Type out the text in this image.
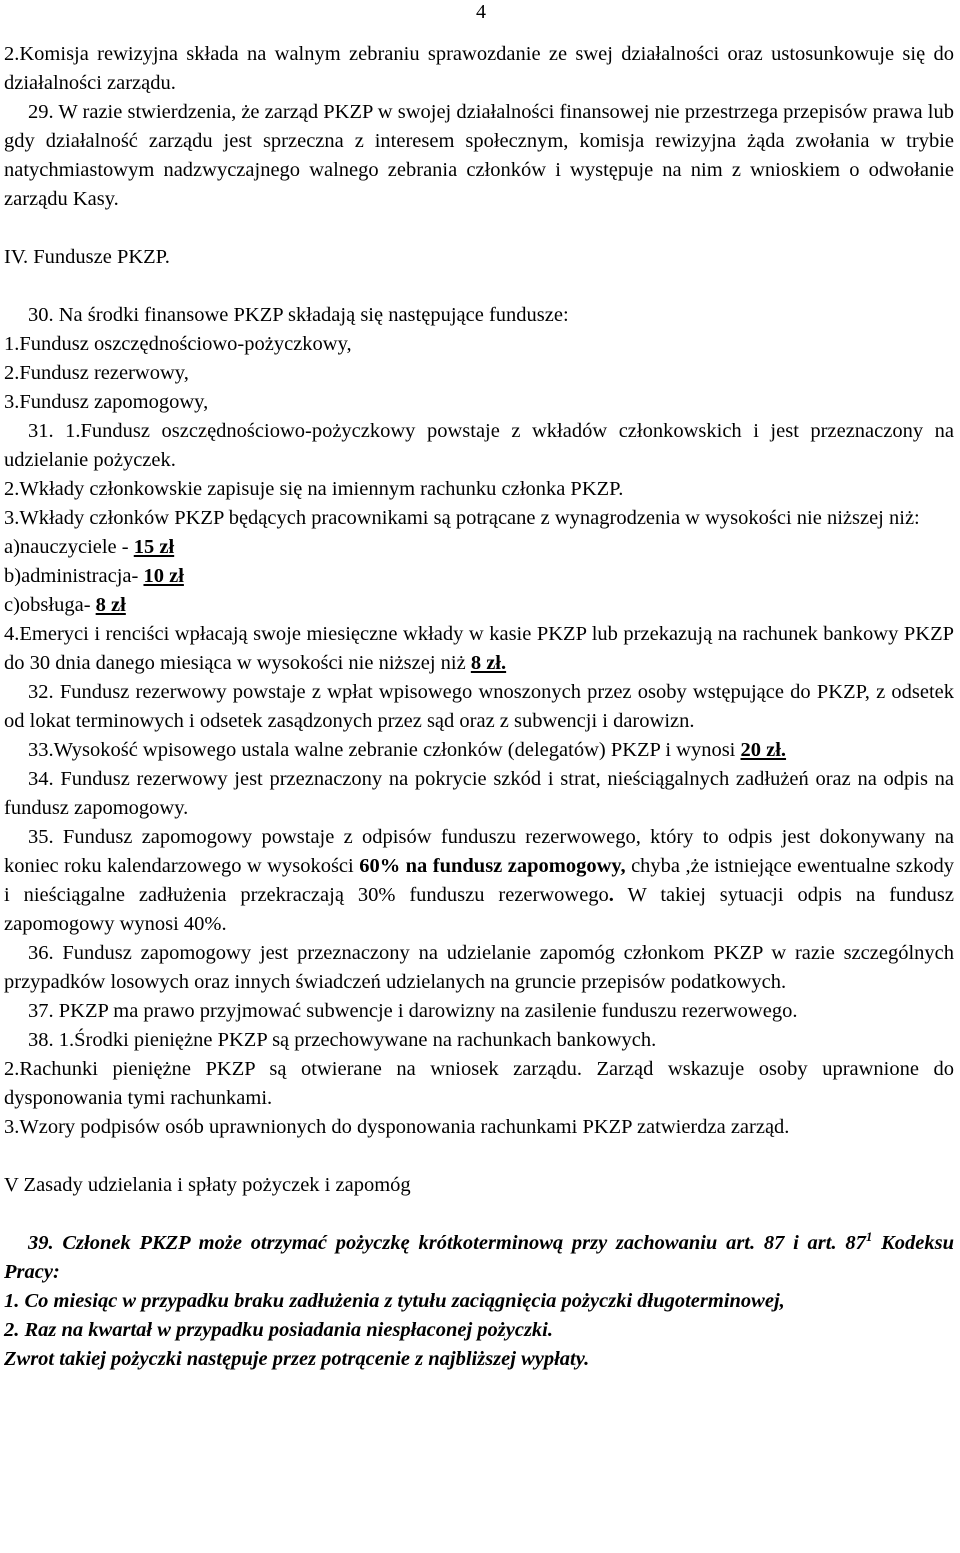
4

2.Komisja rewizyjna składa na walnym zebraniu sprawozdanie ze swej działalności oraz ustosunkowuje się do działalności zarządu.

29. W razie stwierdzenia, że zarząd PKZP w swojej działalności finansowej nie przestrzega przepisów prawa lub gdy działalność zarządu jest sprzeczna z interesem społecznym, komisja rewizyjna żąda zwołania w trybie natychmiastowym nadzwyczajnego walnego zebrania członków i występuje na nim z wnioskiem o odwołanie zarządu Kasy.

IV. Fundusze PKZP.

30. Na środki finansowe PKZP składają się następujące fundusze:

1.Fundusz oszczędnościowo-pożyczkowy,

2.Fundusz rezerwowy,

3.Fundusz zapomogowy,

31. 1.Fundusz oszczędnościowo-pożyczkowy powstaje z wkładów członkowskich i jest przeznaczony na udzielanie pożyczek.

2.Wkłady członkowskie zapisuje się na imiennym rachunku członka PKZP.

3.Wkłady członków PKZP będących pracownikami są potrącane z wynagrodzenia w wysokości nie niższej niż:

a)nauczyciele - 15 zł

b)administracja- 10 zł

c)obsługa- 8 zł

4.Emeryci i renciści wpłacają swoje miesięczne wkłady w kasie PKZP lub przekazują na rachunek bankowy PKZP do 30 dnia danego miesiąca w wysokości nie niższej niż 8 zł.

32. Fundusz rezerwowy powstaje z wpłat wpisowego wnoszonych przez osoby wstępujące do PKZP, z odsetek od lokat terminowych i odsetek zasądzonych przez sąd oraz z subwencji i darowizn.

33.Wysokość wpisowego ustala walne zebranie członków (delegatów) PKZP i wynosi 20 zł.

34. Fundusz rezerwowy jest przeznaczony na pokrycie szkód i strat, nieściągalnych zadłużeń oraz na odpis na fundusz zapomogowy.

35. Fundusz zapomogowy powstaje z odpisów funduszu rezerwowego, który to odpis jest dokonywany na koniec roku kalendarzowego w wysokości 60% na fundusz zapomogowy, chyba ,że istniejące ewentualne szkody i nieściągalne zadłużenia przekraczają 30% funduszu rezerwowego. W takiej sytuacji odpis na fundusz zapomogowy wynosi 40%.

36. Fundusz zapomogowy jest przeznaczony na udzielanie zapomóg członkom PKZP w razie szczególnych przypadków losowych oraz innych świadczeń udzielanych na gruncie przepisów podatkowych.

37. PKZP ma prawo przyjmować subwencje i darowizny na zasilenie funduszu rezerwowego.

38. 1.Środki pieniężne PKZP są przechowywane na rachunkach bankowych.

2.Rachunki pieniężne PKZP są otwierane na wniosek zarządu. Zarząd wskazuje osoby uprawnione do dysponowania tymi rachunkami.

3.Wzory podpisów osób uprawnionych do dysponowania rachunkami PKZP zatwierdza zarząd.

V Zasady udzielania i spłaty pożyczek i zapomóg

39. Członek PKZP może otrzymać pożyczkę krótkoterminową przy zachowaniu art. 87 i art. $87^1$ Kodeksu Pracy:

1. Co miesiąc w przypadku braku zadłużenia z tytułu zaciągnięcia pożyczki długoterminowej,

2. Raz na kwartał w przypadku posiadania niespłaconej pożyczki.

Zwrot takiej pożyczki następuje przez potrącenie z najbliższej wypłaty.
